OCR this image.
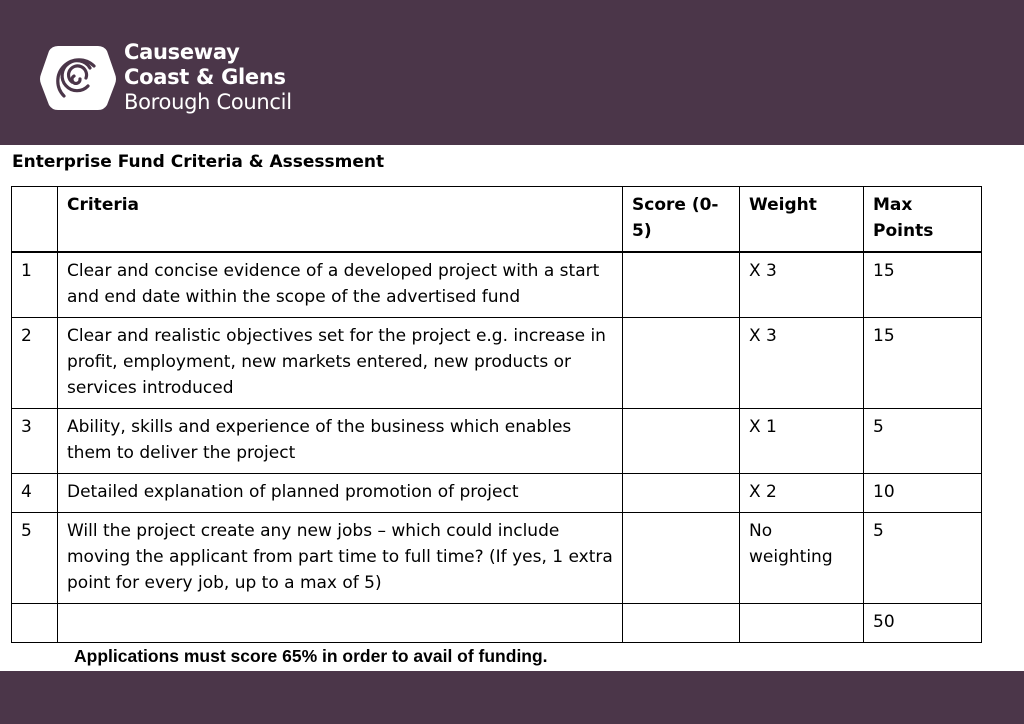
Causeway
Coast & Glens
Borough Council
Enterprise Fund Criteria & Assessment
	Criteria	Score (0-5)	Weight	Max Points
1	Clear and concise evidence of a developed project with a start and end date within the scope of the advertised fund		X 3	15
2	Clear and realistic objectives set for the project e.g. increase in profit, employment, new markets entered, new products or services introduced		X 3	15
3	Ability, skills and experience of the business which enables them to deliver the project		X 1	5
4	Detailed explanation of planned promotion of project		X 2	10
5	Will the project create any new jobs – which could include moving the applicant from part time to full time? (If yes, 1 extra point for every job, up to a max of 5)		No weighting	5
				50
Applications must score 65% in order to avail of funding.
